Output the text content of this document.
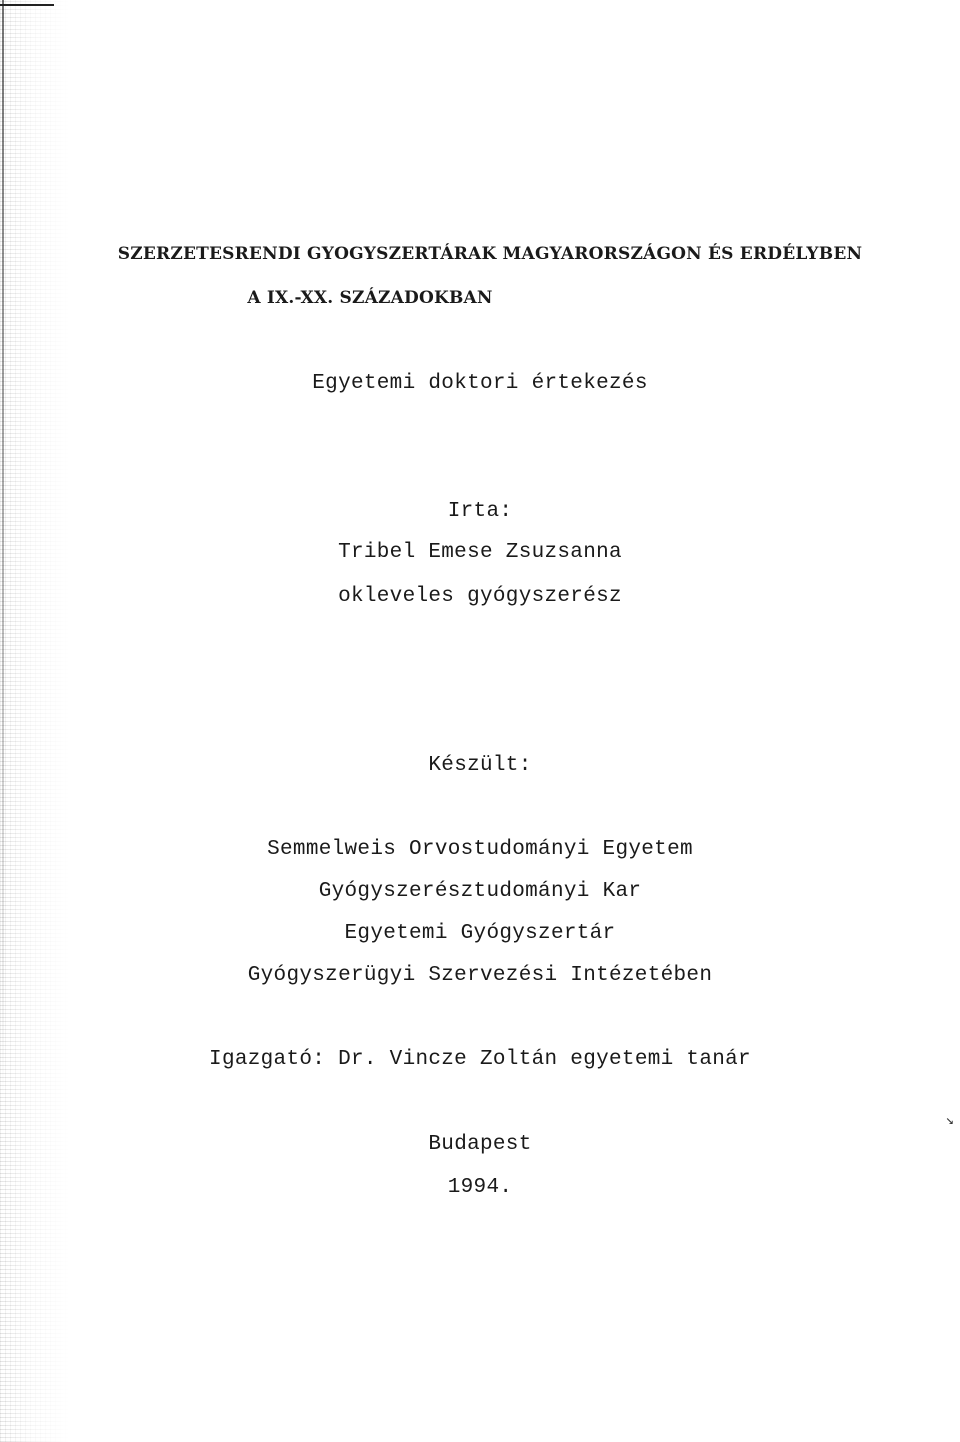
SZERZETESRENDI GYOGYSZERTÁRAK MAGYARORSZÁGON ÉS ERDÉLYBEN
A IX.-XX. SZÁZADOKBAN
Egyetemi doktori értekezés
Irta:
Tribel Emese Zsuzsanna
okleveles gyógyszerész
Készült:
Semmelweis Orvostudományi Egyetem
Gyógyszerésztudományi Kar
Egyetemi Gyógyszertár
Gyógyszerügyi Szervezési Intézetében
Igazgató: Dr. Vincze Zoltán egyetemi tanár
Budapest
1994.
↘
